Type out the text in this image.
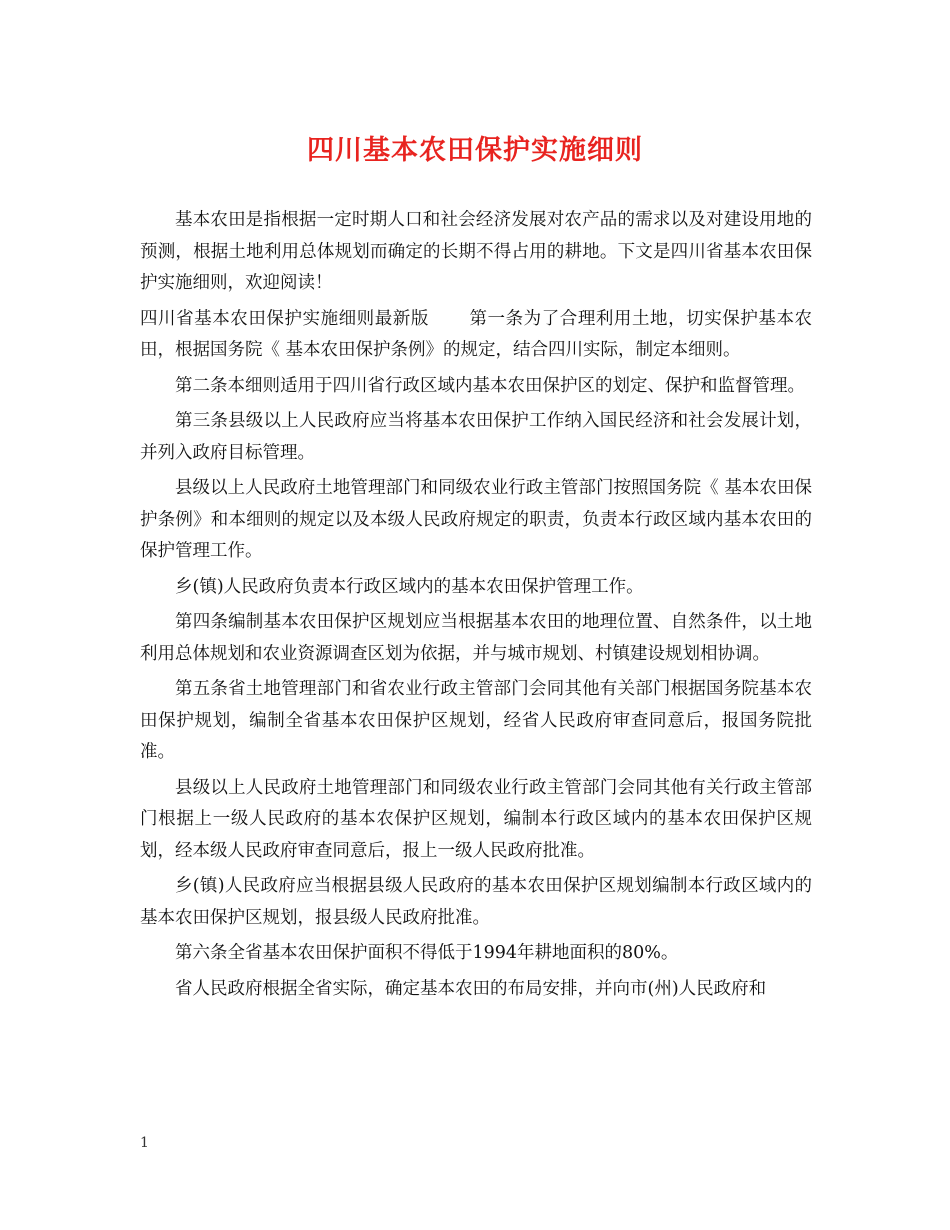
四川基本农田保护实施细则

基本农田是指根据一定时期人口和社会经济发展对农产品的需求以及对建设用地的预测，根据土地利用总体规划而确定的长期不得占用的耕地。下文是四川省基本农田保护实施细则，欢迎阅读！

四川省基本农田保护实施细则最新版 第一条为了合理利用土地，切实保护基本农田，根据国务院《 基本农田保护条例》的规定，结合四川实际，制定本细则。

第二条本细则适用于四川省行政区域内基本农田保护区的划定、保护和监督管理。

第三条县级以上人民政府应当将基本农田保护工作纳入国民经济和社会发展计划，并列入政府目标管理。

县级以上人民政府土地管理部门和同级农业行政主管部门按照国务院《 基本农田保护条例》和本细则的规定以及本级人民政府规定的职责，负责本行政区域内基本农田的保护管理工作。

乡(镇)人民政府负责本行政区域内的基本农田保护管理工作。

第四条编制基本农田保护区规划应当根据基本农田的地理位置、自然条件，以土地利用总体规划和农业资源调查区划为依据，并与城市规划、村镇建设规划相协调。

第五条省土地管理部门和省农业行政主管部门会同其他有关部门根据国务院基本农田保护规划，编制全省基本农田保护区规划，经省人民政府审查同意后，报国务院批准。

县级以上人民政府土地管理部门和同级农业行政主管部门会同其他有关行政主管部门根据上一级人民政府的基本农保护区规划，编制本行政区域内的基本农田保护区规划，经本级人民政府审查同意后，报上一级人民政府批准。

乡(镇)人民政府应当根据县级人民政府的基本农田保护区规划编制本行政区域内的基本农田保护区规划，报县级人民政府批准。

第六条全省基本农田保护面积不得低于1994年耕地面积的80%。

省人民政府根据全省实际，确定基本农田的布局安排，并向市(州)人民政府和

1
